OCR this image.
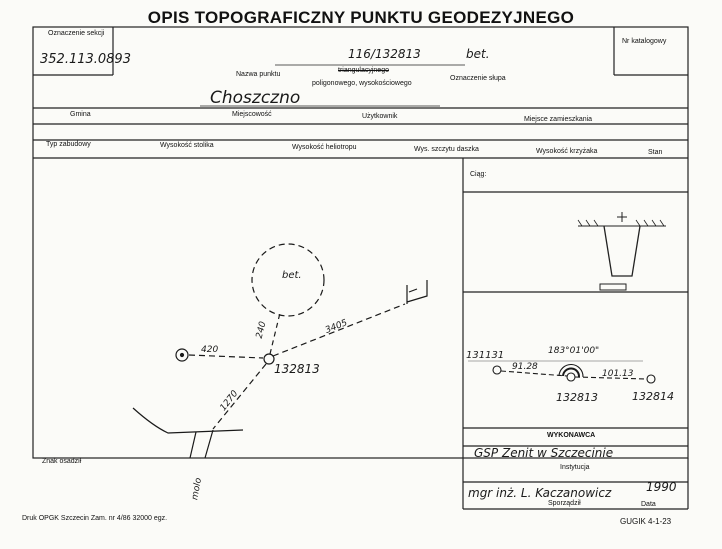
OPIS TOPOGRAFICZNY PUNKTU GEODEZYJNEGO
Oznaczenie sekcji
352.113.0893
Nr katalogowy
116/132813	bet.
Nazwa punktu
triangulacyjnego
poligonowego, wysokościowego
Oznaczenie słupa
Choszczno
Gmina	Miejscowość	Użytkownik	Miejsce zamieszkania
Typ zabudowy	Wysokość stolika	Wysokość heliotropu	Wys. szczytu daszka	Wysokość krzyżaka	Stan
Ciąg:
bet.
420
240	3405
1270
132813
molo
Znak osadził
131131	183°01'00"
91.28
101.13
132813	132814
WYKONAWCA
GSP Zenit w Szczecinie
Instytucja
mgr inż. L. Kaczanowicz	1990
Sporządził	Data
Druk OPGK Szczecin Zam. nr 4/86 32000 egz.	GUGIK 4-1-23
